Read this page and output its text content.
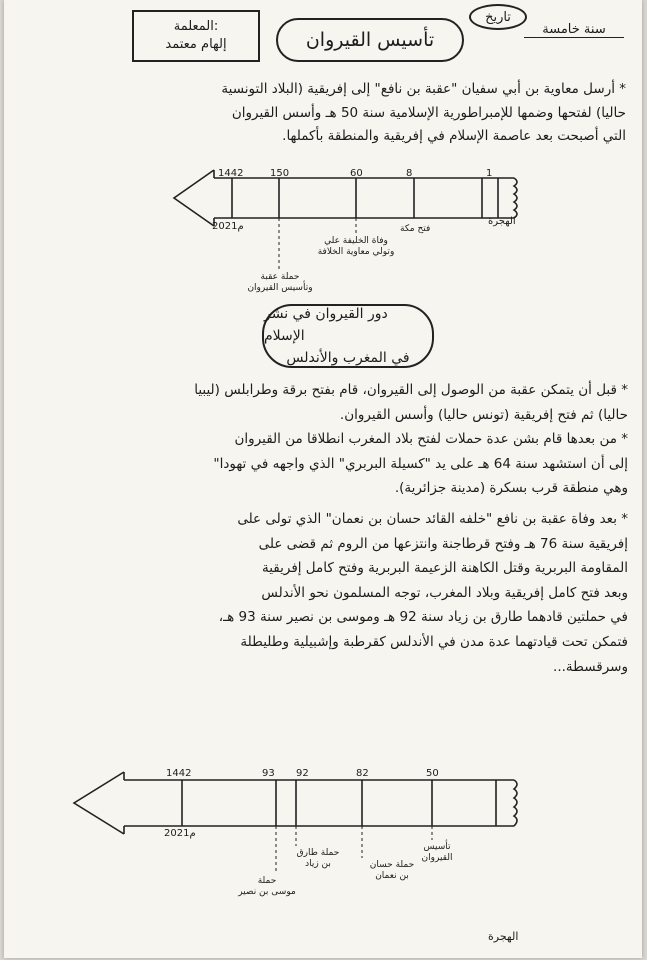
المعلمة:
إلهام معتمد	تأسيس القيروان
تاريخ
سنة خامسة
* أرسل معاوية بن أبي سفيان "عقبة بن نافع" إلى إفريقية (البلاد التونسية
حاليا) لفتحها وضمها للإمبراطورية الإسلامية سنة 50 هـ وأسس القيروان
التي أصبحت بعد عاصمة الإسلام في إفريقية والمنطقة بأكملها.
1442	150	60	8	1
2021م	الهجرة
فتح مكة
وفاة الخليفة علي
وتولي معاوية الخلافة
حملة عقبة
وتأسيس القيروان
دور القيروان في نشر الإسلام
في المغرب والأندلس
* قبل أن يتمكن عقبة من الوصول إلى القيروان، قام بفتح برقة وطرابلس (ليبيا
حاليا) ثم فتح إفريقية (تونس حاليا) وأسس القيروان.
* من بعدها قام بشن عدة حملات لفتح بلاد المغرب انطلاقا من القيروان
إلى أن استشهد سنة 64 هـ على يد "كسيلة البربري" الذي واجهه في تهودا"
وهي منطقة قرب بسكرة (مدينة جزائرية).
* بعد وفاة عقبة بن نافع "خلفه القائد حسان بن نعمان" الذي تولى على
إفريقية سنة 76 هـ وفتح قرطاجنة وانتزعها من الروم ثم قضى على
المقاومة البربرية وقتل الكاهنة الزعيمة البربرية وفتح كامل إفريقية
وبعد فتح كامل إفريقية وبلاد المغرب، توجه المسلمون نحو الأندلس
في حملتين قادهما طارق بن زياد سنة 92 هـ وموسى بن نصير سنة 93 هـ،
فتمكن تحت قيادتهما عدة مدن في الأندلس كقرطبة وإشبيلية وطليطلة
وسرقسطة...
1442	93 92	82	50
2021م
الهجرة
حملة
موسى بن نصير
حملة طارق
بن زياد	حملة حسان
بن نعمان
تأسيس
القيروان
